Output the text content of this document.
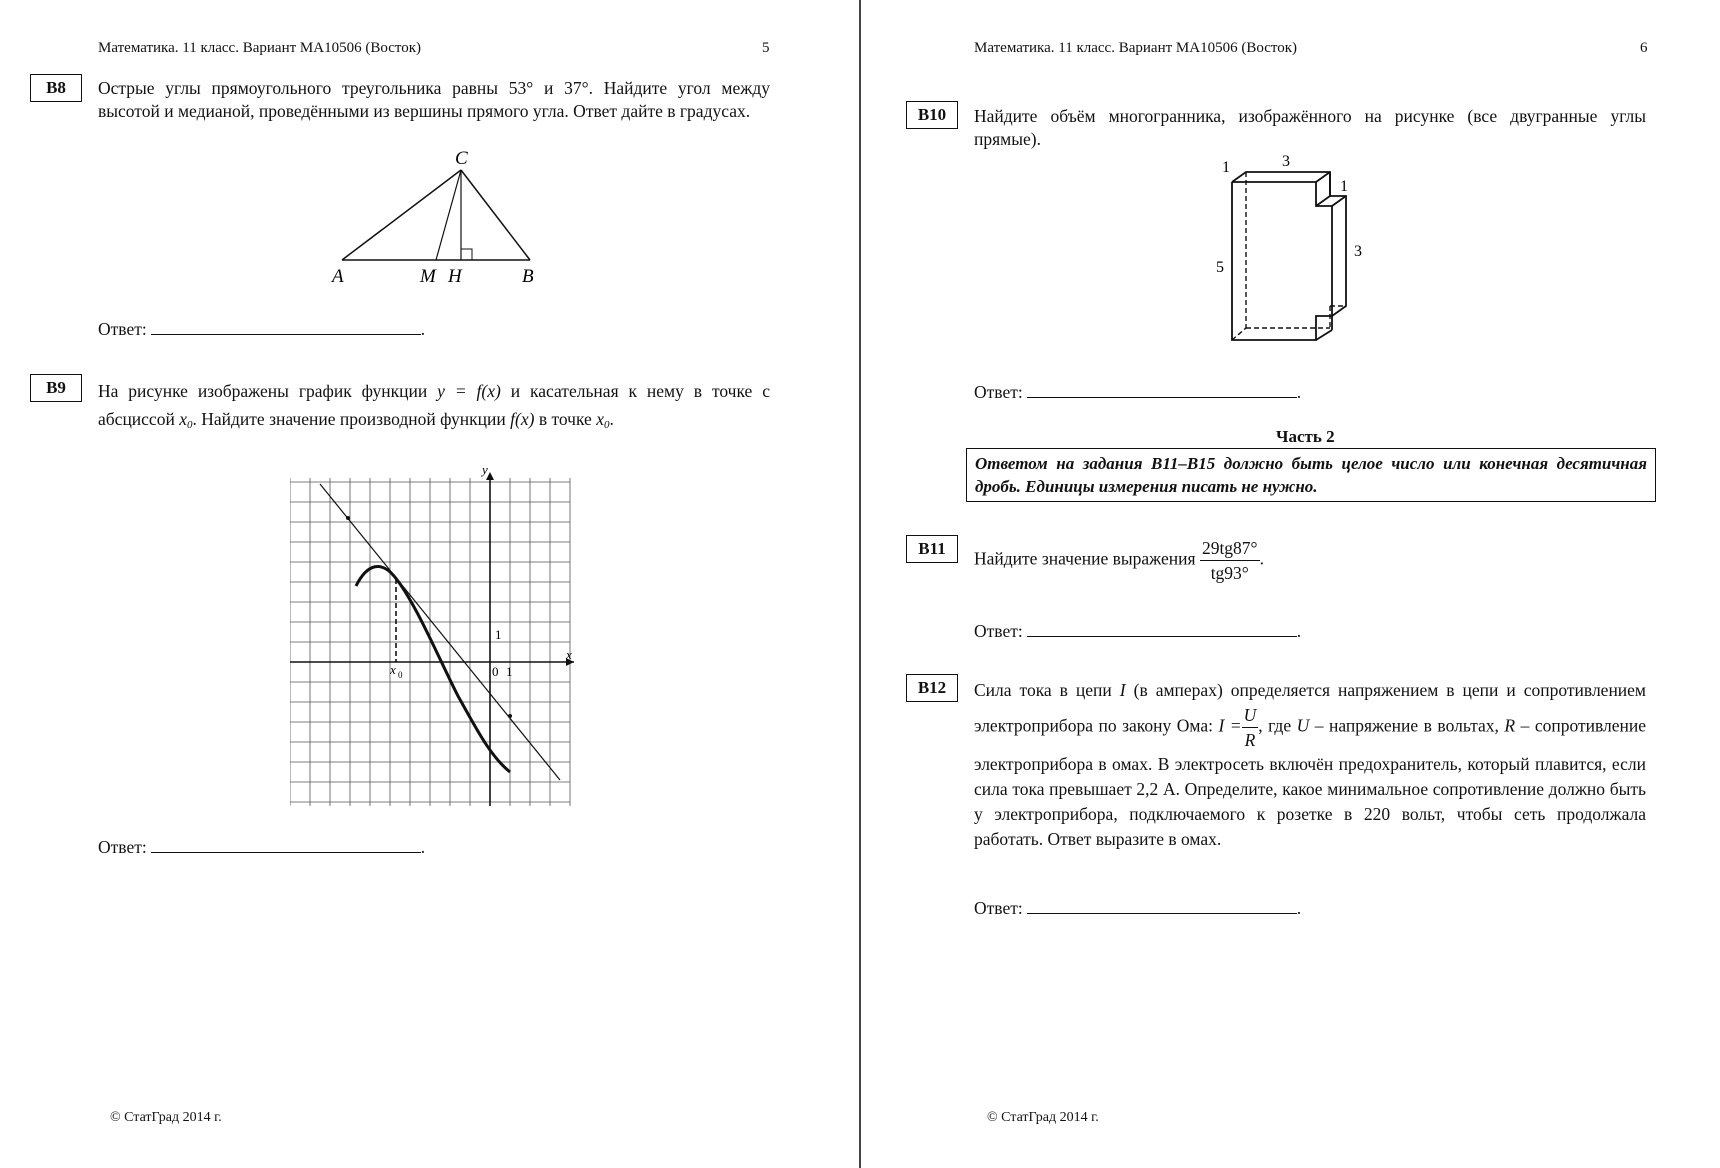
Математика. 11 класс. Вариант МА10506 (Восток)	5
B8	Острые углы прямоугольного треугольника равны 53° и 37°. Найдите угол между высотой и медианой, проведёнными из вершины прямого угла. Ответ дайте в градусах.
C
A	M H	B
Ответ:	.
B9	На рисунке изображены график функции y = f(x) и касательная к нему в точке с абсциссой $x_0$. Найдите значение производной функции f(x) в точке $x_0$.
y
x
1
0 1
x 0
Ответ:	.
© СтатГрад 2014 г.
Математика. 11 класс. Вариант МА10506 (Восток)	6
B10	Найдите объём многогранника, изображённого на рисунке (все двугранные углы прямые).
1	3
1
5
3
Ответ:	.
Часть 2
Ответом на задания В11–В15 должно быть целое число или конечная десятичная дробь. Единицы измерения писать не нужно.
B11
Найдите значение выражения $\frac{29tg87^\circ}{tg93^\circ}$ .
Ответ:	.
B12	Сила тока в цепи I (в амперах) определяется напряжением в цепи и сопротивлением электроприбора по закону Ома: $I = \frac{U}{R}$ , где U – напряжение в вольтах, R – сопротивление электроприбора в омах. В электросеть включён предохранитель, который плавится, если сила тока превышает 2,2 А. Определите, какое минимальное сопротивление должно быть у электроприбора, подключаемого к розетке в 220 вольт, чтобы сеть продолжала работать. Ответ выразите в омах.
Ответ:	.
© СтатГрад 2014 г.
